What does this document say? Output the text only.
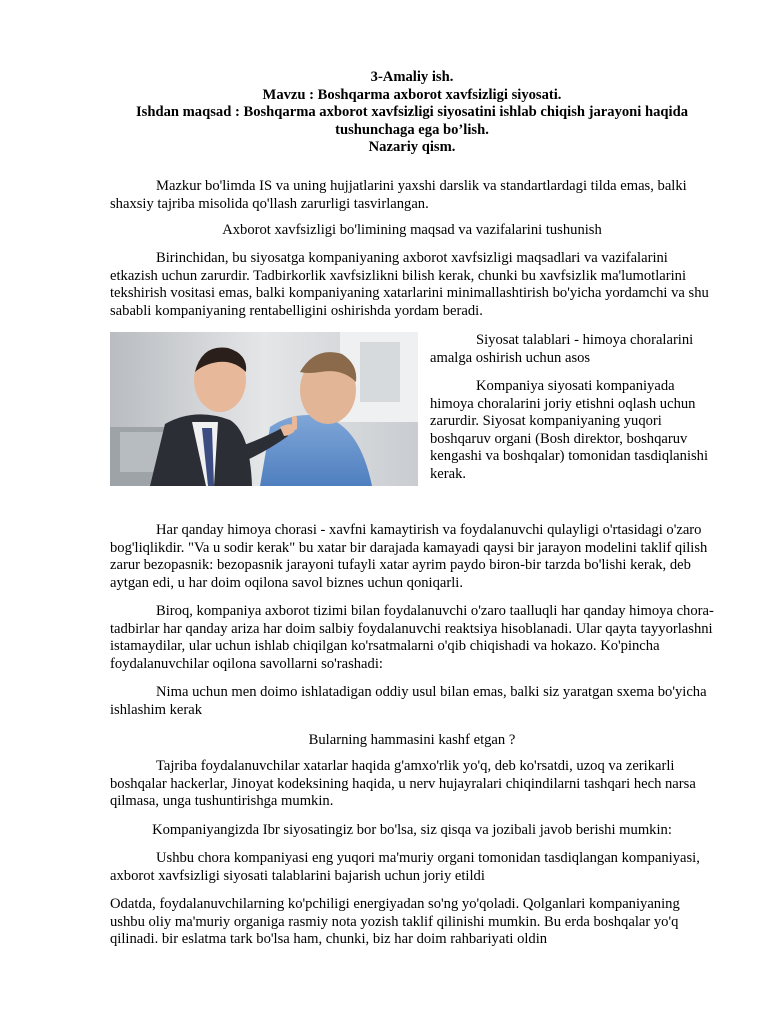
3-Amaliy ish.
Mavzu : Boshqarma axborot xavfsizligi siyosati.
Ishdan maqsad : Boshqarma axborot xavfsizligi siyosatini ishlab chiqish jarayoni haqida tushunchaga ega bo’lish.
Nazariy qism.

Mazkur bo'limda IS va uning hujjatlarini yaxshi darslik va standartlardagi tilda emas, balki shaxsiy tajriba misolida qo'llash zarurligi tasvirlangan.

Axborot xavfsizligi bo'limining maqsad va vazifalarini tushunish

Birinchidan, bu siyosatga kompaniyaning axborot xavfsizligi maqsadlari va vazifalarini etkazish uchun zarurdir. Tadbirkorlik xavfsizlikni bilish kerak, chunki bu xavfsizlik ma'lumotlarini tekshirish vositasi emas, balki kompaniyaning xatarlarini minimallashtirish bo'yicha yordamchi va shu sababli kompaniyaning rentabelligini oshirishda yordam beradi.

Siyosat talablari - himoya choralarini amalga oshirish uchun asos

Kompaniya siyosati kompaniyada himoya choralarini joriy etishni oqlash uchun zarurdir. Siyosat kompaniyaning yuqori boshqaruv organi (Bosh direktor, boshqaruv kengashi va boshqalar) tomonidan tasdiqlanishi kerak.

Har qanday himoya chorasi - xavfni kamaytirish va foydalanuvchi qulayligi o'rtasidagi o'zaro bog'liqlikdir. "Va u sodir kerak" bu xatar bir darajada kamayadi qaysi bir jarayon modelini taklif qilish zarur bezopasnik: bezopasnik jarayoni tufayli xatar ayrim paydo biron-bir tarzda bo'lishi kerak, deb aytgan edi, u har doim oqilona savol biznes uchun qoniqarli.

Biroq, kompaniya axborot tizimi bilan foydalanuvchi o'zaro taalluqli har qanday himoya chora-tadbirlar har qanday ariza har doim salbiy foydalanuvchi reaktsiya hisoblanadi. Ular qayta tayyorlashni istamaydilar, ular uchun ishlab chiqilgan ko'rsatmalarni o'qib chiqishadi va hokazo. Ko'pincha foydalanuvchilar oqilona savollarni so'rashadi:

Nima uchun men doimo ishlatadigan oddiy usul bilan emas, balki siz yaratgan sxema bo'yicha ishlashim kerak

Bularning hammasini kashf etgan ?

Tajriba foydalanuvchilar xatarlar haqida g'amxo'rlik yo'q, deb ko'rsatdi, uzoq va zerikarli boshqalar hackerlar, Jinoyat kodeksining haqida, u nerv hujayralari chiqindilarni tashqari hech narsa qilmasa, unga tushuntirishga mumkin.

Kompaniyangizda Ibr siyosatingiz bor bo'lsa, siz qisqa va jozibali javob berishi mumkin:

Ushbu chora kompaniyasi eng yuqori ma'muriy organi tomonidan tasdiqlangan kompaniyasi, axborot xavfsizligi siyosati talablarini bajarish uchun joriy etildi

Odatda, foydalanuvchilarning ko'pchiligi energiyadan so'ng yo'qoladi. Qolganlari kompaniyaning ushbu oliy ma'muriy organiga rasmiy nota yozish taklif qilinishi mumkin. Bu erda boshqalar yo'q qilinadi. bir eslatma tark bo'lsa ham, chunki, biz har doim rahbariyati oldin
